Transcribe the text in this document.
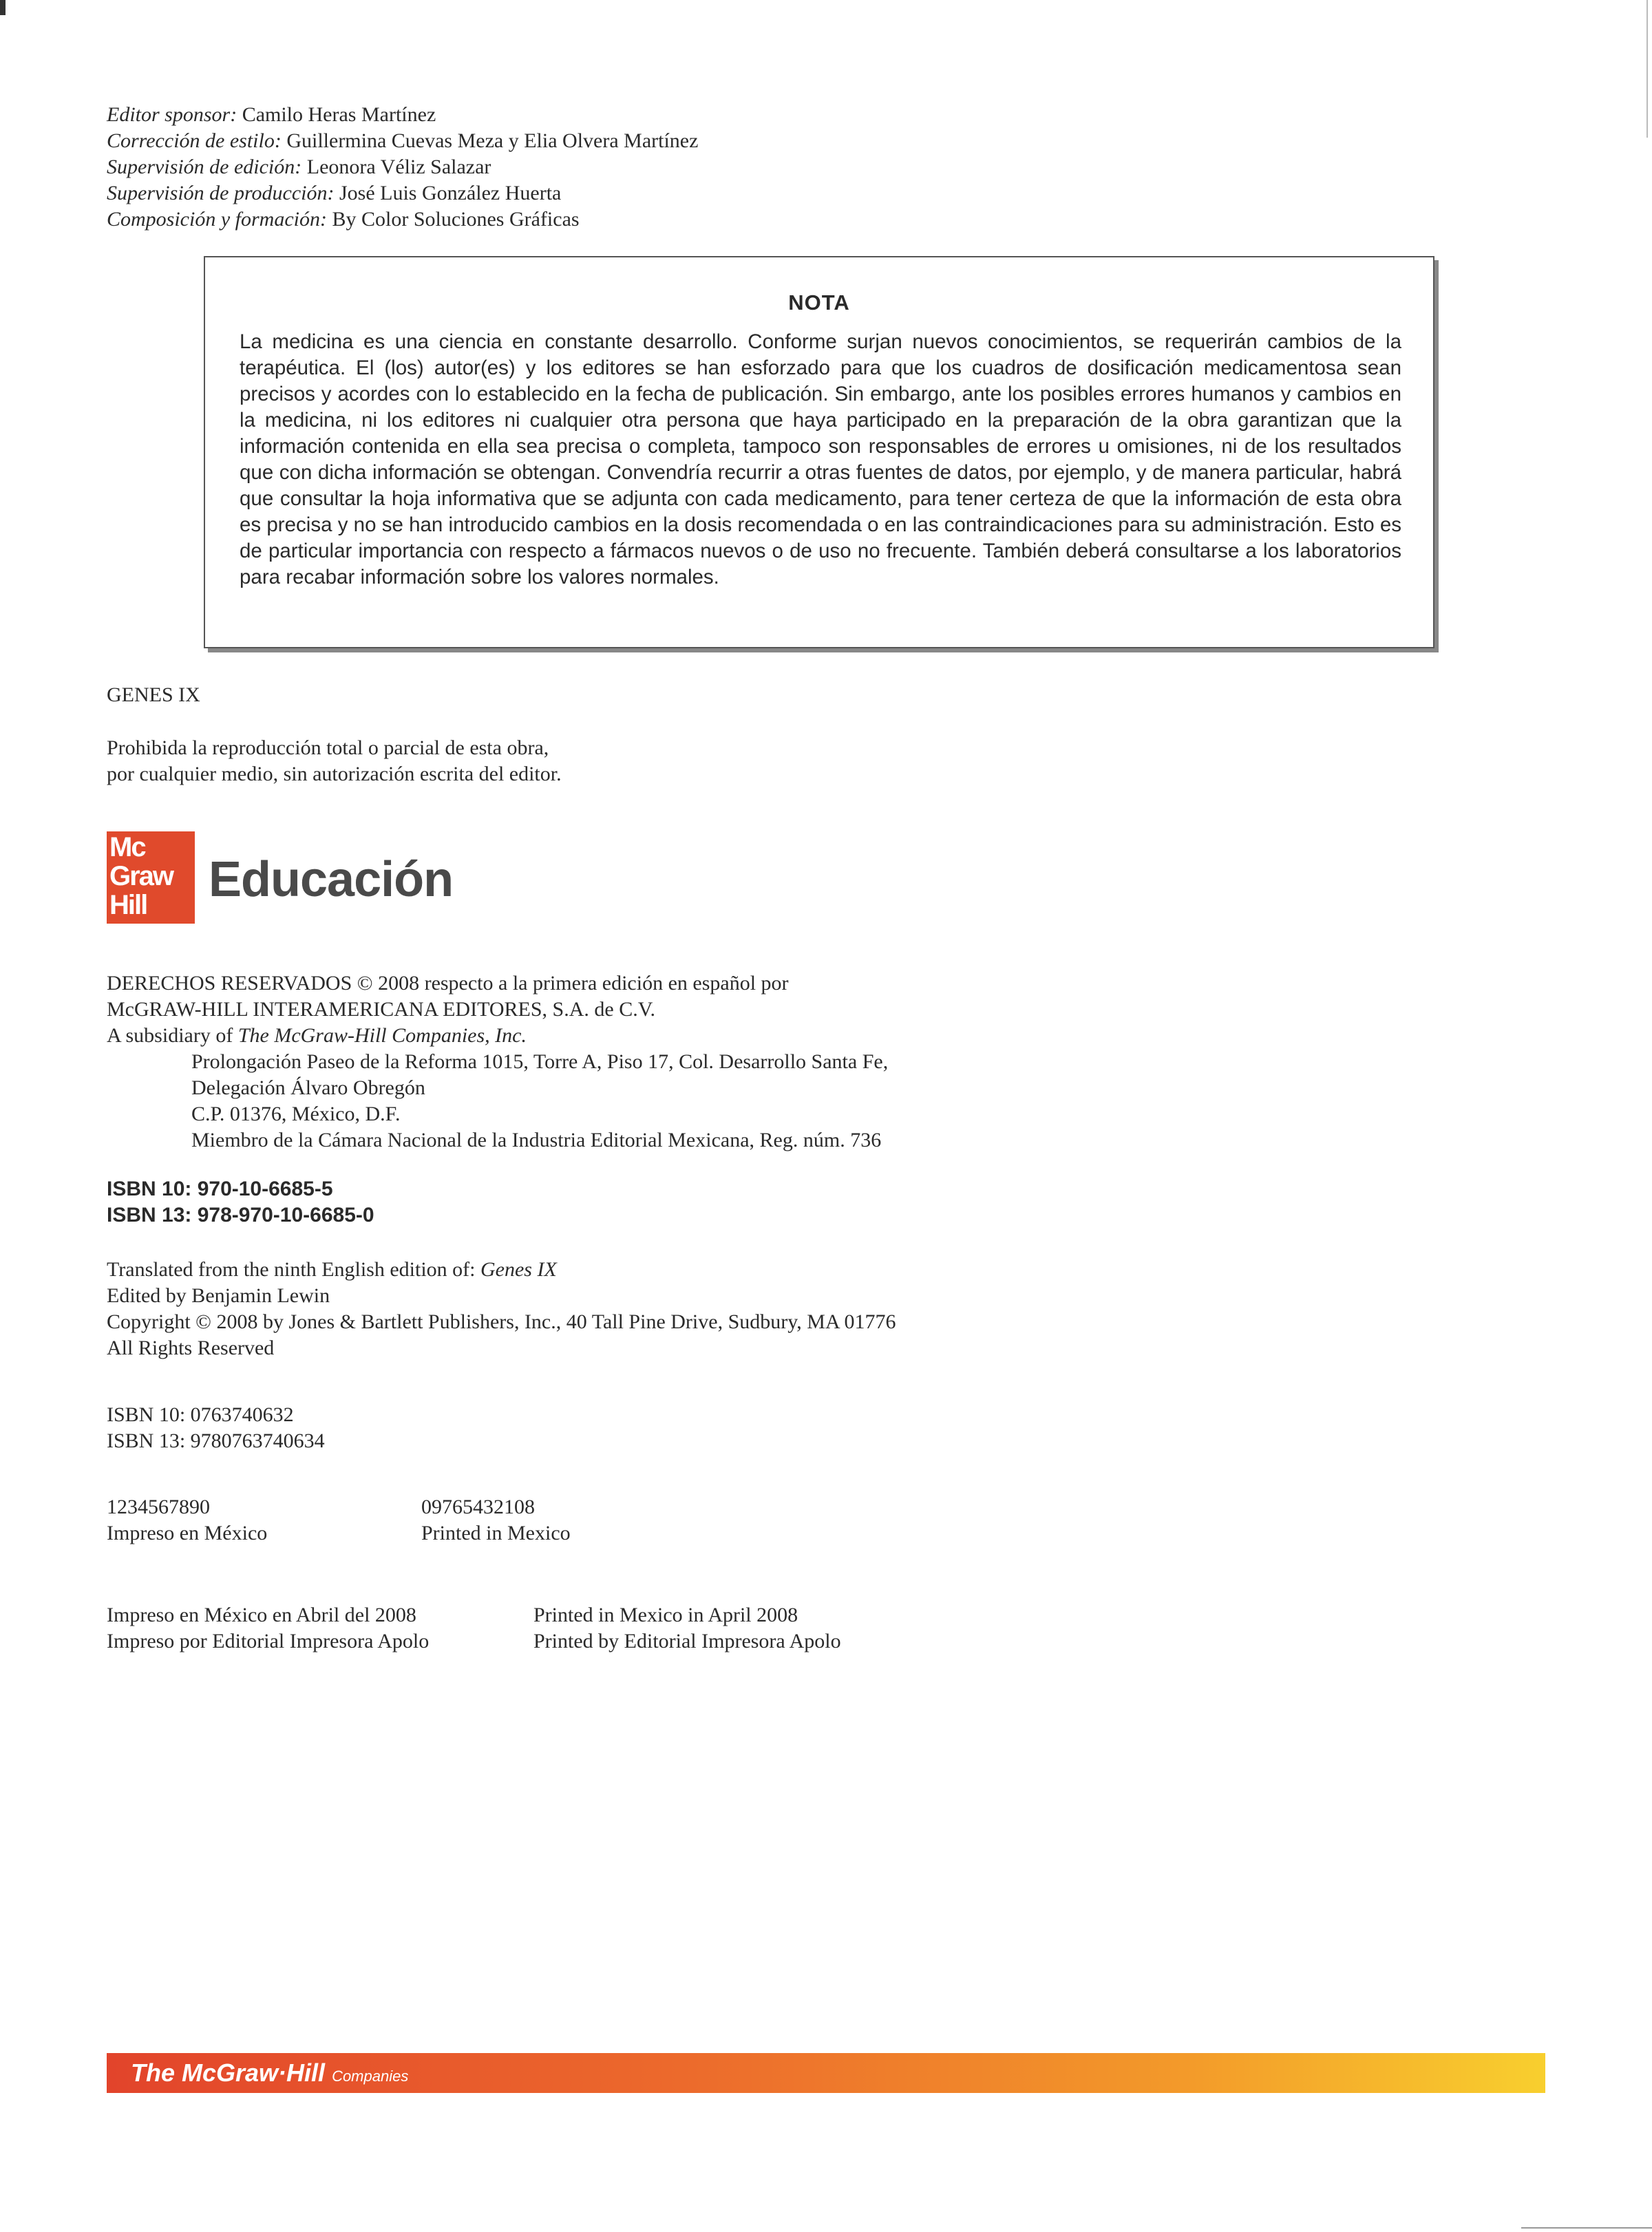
Editor sponsor: Camilo Heras Martínez
Corrección de estilo: Guillermina Cuevas Meza y Elia Olvera Martínez
Supervisión de edición: Leonora Véliz Salazar
Supervisión de producción: José Luis González Huerta
Composición y formación: By Color Soluciones Gráficas
NOTA
La medicina es una ciencia en constante desarrollo. Conforme surjan nuevos conocimientos, se requerirán cambios de la terapéutica. El (los) autor(es) y los editores se han esforzado para que los cuadros de dosificación medicamentosa sean precisos y acordes con lo establecido en la fecha de publicación. Sin embargo, ante los posibles errores humanos y cambios en la medicina, ni los editores ni cualquier otra persona que haya participado en la preparación de la obra garantizan que la información contenida en ella sea precisa o completa, tampoco son responsables de errores u omisiones, ni de los resultados que con dicha información se obtengan. Convendría recurrir a otras fuentes de datos, por ejemplo, y de manera particular, habrá que consultar la hoja informativa que se adjunta con cada medicamento, para tener certeza de que la información de esta obra es precisa y no se han introducido cambios en la dosis recomendada o en las contraindicaciones para su administración. Esto es de particular importancia con respecto a fármacos nuevos o de uso no frecuente. También deberá consultarse a los laboratorios para recabar información sobre los valores normales.
GENES IX
Prohibida la reproducción total o parcial de esta obra,
por cualquier medio, sin autorización escrita del editor.
Mc
Graw
Hill Educación
DERECHOS RESERVADOS © 2008 respecto a la primera edición en español por
McGRAW-HILL INTERAMERICANA EDITORES, S.A. de C.V.
A subsidiary of The McGraw-Hill Companies, Inc.
Prolongación Paseo de la Reforma 1015, Torre A, Piso 17, Col. Desarrollo Santa Fe,
Delegación Álvaro Obregón
C.P. 01376, México, D.F.
Miembro de la Cámara Nacional de la Industria Editorial Mexicana, Reg. núm. 736
ISBN 10: 970-10-6685-5
ISBN 13: 978-970-10-6685-0
Translated from the ninth English edition of: Genes IX
Edited by Benjamin Lewin
Copyright © 2008 by Jones & Bartlett Publishers, Inc., 40 Tall Pine Drive, Sudbury, MA 01776
All Rights Reserved
ISBN 10: 0763740632
ISBN 13: 9780763740634
1234567890
Impreso en México
09765432108
Printed in Mexico
Impreso en México en Abril del 2008
Impreso por Editorial Impresora Apolo
Printed in Mexico in April 2008
Printed by Editorial Impresora Apolo
The McGraw·Hill Companies
